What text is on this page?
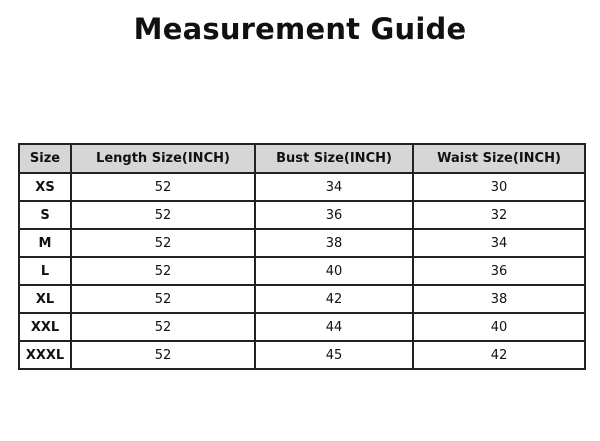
Measurement Guide
Size	Length Size(INCH)	Bust Size(INCH)	Waist Size(INCH)
XS	52	34	30
S	52	36	32
M	52	38	34
L	52	40	36
XL	52	42	38
XXL	52	44	40
XXXL	52	45	42
